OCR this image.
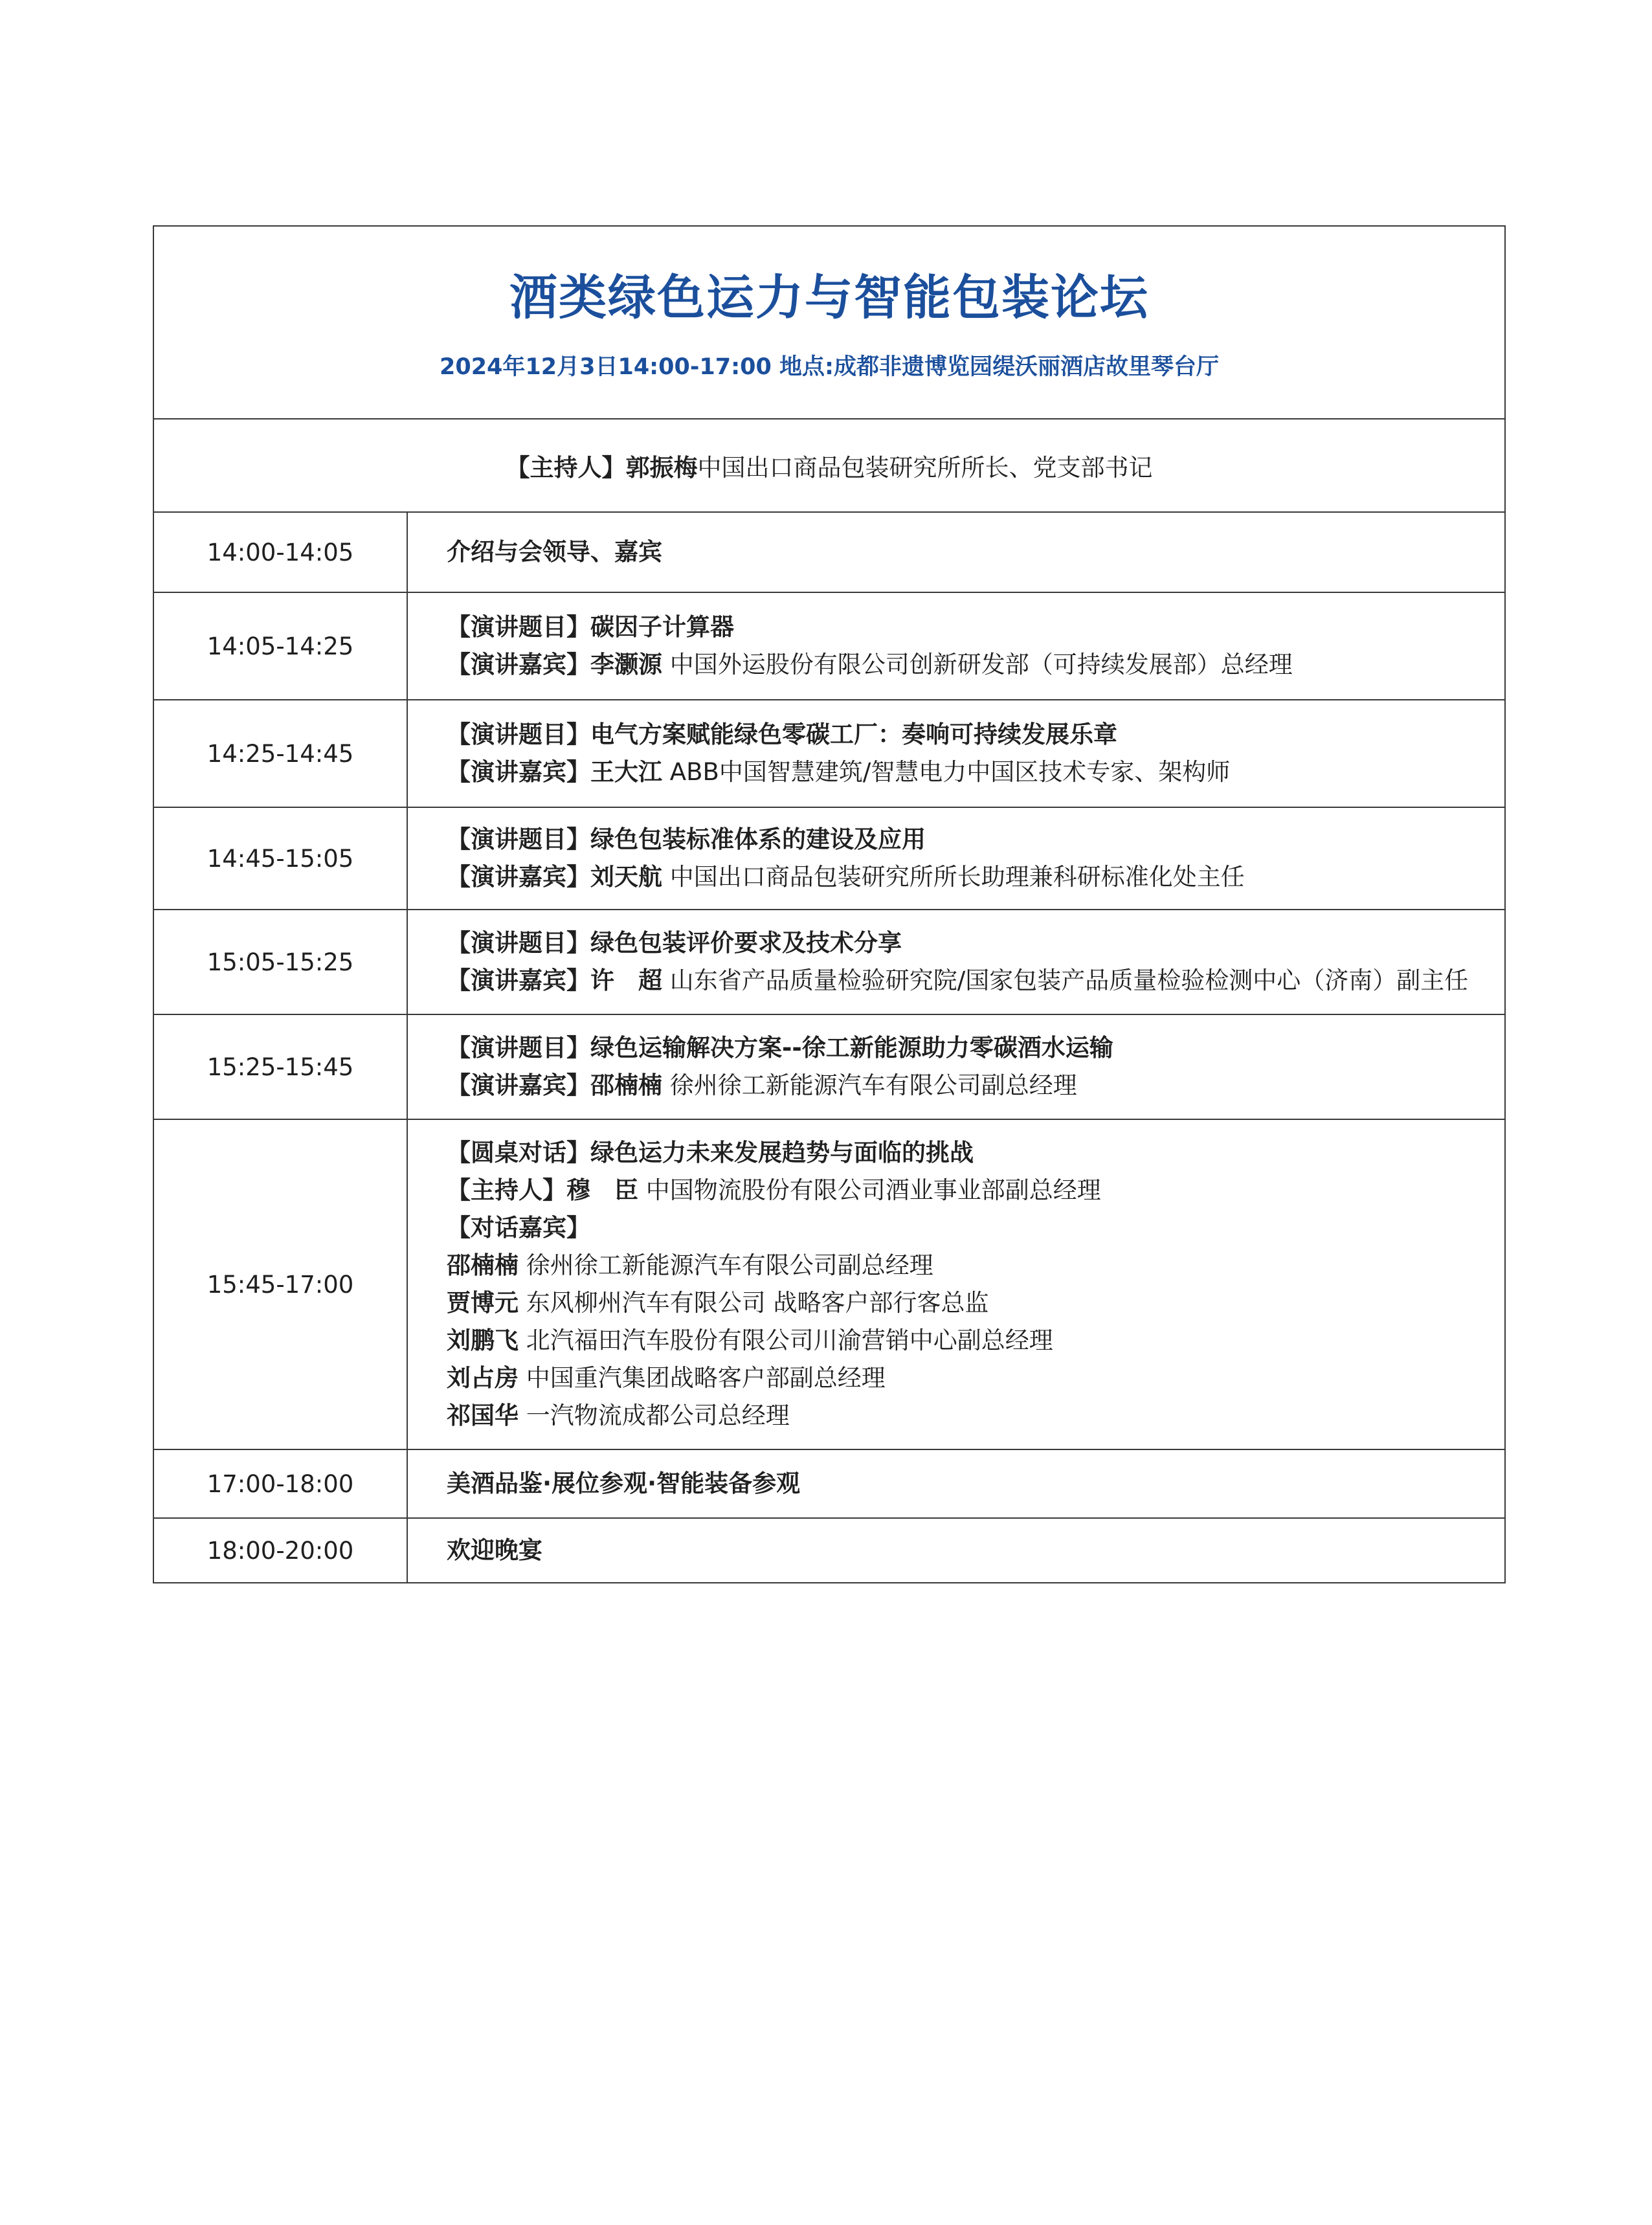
酒类绿色运力与智能包装论坛
2024年12月3日14:00-17:00 地点:成都非遗博览园缇沃丽酒店故里琴台厅
【主持人】郭振梅 中国出口商品包装研究所所长、党支部书记
14:00-14:05	介绍与会领导、嘉宾
14:05-14:25
【演讲题目】碳因子计算器
【演讲嘉宾】李灏源 中国外运股份有限公司创新研发部（可持续发展部）总经理
14:25-14:45
【演讲题目】电气方案赋能绿色零碳工厂：奏响可持续发展乐章
【演讲嘉宾】王大江 ABB中国智慧建筑/智慧电力中国区技术专家、架构师
14:45-15:05
【演讲题目】绿色包装标准体系的建设及应用
【演讲嘉宾】刘天航 中国出口商品包装研究所所长助理兼科研标准化处主任
15:05-15:25
【演讲题目】绿色包装评价要求及技术分享
【演讲嘉宾】许　超 山东省产品质量检验研究院/国家包装产品质量检验检测中心（济南）副主任
15:25-15:45
【演讲题目】绿色运输解决方案--徐工新能源助力零碳酒水运输
【演讲嘉宾】邵楠楠 徐州徐工新能源汽车有限公司副总经理
15:45-17:00
【圆桌对话】绿色运力未来发展趋势与面临的挑战
【主持人】穆　臣 中国物流股份有限公司酒业事业部副总经理
【对话嘉宾】
邵楠楠 徐州徐工新能源汽车有限公司副总经理
贾博元 东风柳州汽车有限公司 战略客户部行客总监
刘鹏飞 北汽福田汽车股份有限公司川渝营销中心副总经理
刘占房 中国重汽集团战略客户部副总经理
祁国华 一汽物流成都公司总经理
17:00-18:00	美酒品鉴·展位参观·智能装备参观
18:00-20:00	欢迎晚宴
